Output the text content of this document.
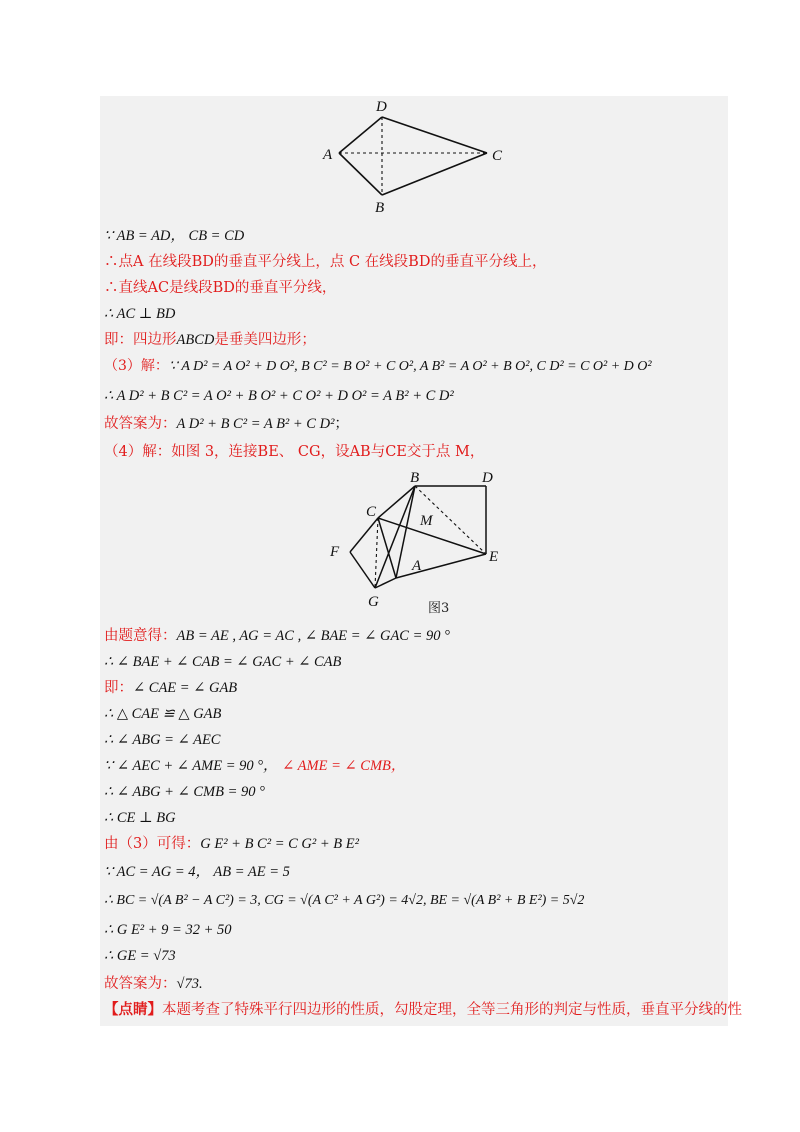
D
A	C
B
∵ AB = AD， CB = CD
∴点A 在线段BD的垂直平分线上，点 C 在线段BD的垂直平分线上，
∴直线AC是线段BD的垂直平分线，
∴ AC ⊥ BD
即：四边形ABCD是垂美四边形；
（3）解：∵ A D² = A O² + D O², B C² = B O² + C O², A B² = A O² + B O², C D² = C O² + D O²
∴ A D² + B C² = A O² + B O² + C O² + D O² = A B² + C D²
故答案为：A D² + B C² = A B² + C D²；
（4）解：如图 3，连接BE、 CG，设AB与CE交于点 M，
B	D
C
M
F	E
A
G	图3
由题意得：AB = AE , AG = AC , ∠ BAE = ∠ GAC = 90 °
∴ ∠ BAE + ∠ CAB = ∠ GAC + ∠ CAB
即：∠ CAE = ∠ GAB
∴ △ CAE ≌ △ GAB
∴ ∠ ABG = ∠ AEC
∵ ∠ AEC + ∠ AME = 90 °， ∠ AME = ∠ CMB，
∴ ∠ ABG + ∠ CMB = 90 °
∴ CE ⊥ BG
由（3）可得：G E² + B C² = C G² + B E²
∵ AC = AG = 4， AB = AE = 5
∴ BC = √(A B² − A C²) = 3, CG = √(A C² + A G²) = 4√2, BE = √(A B² + B E²) = 5√2
∴ G E² + 9 = 32 + 50
∴ GE = √73
故答案为：√73.
【点睛】本题考查了特殊平行四边形的性质，勾股定理，全等三角形的判定与性质，垂直平分线的性
